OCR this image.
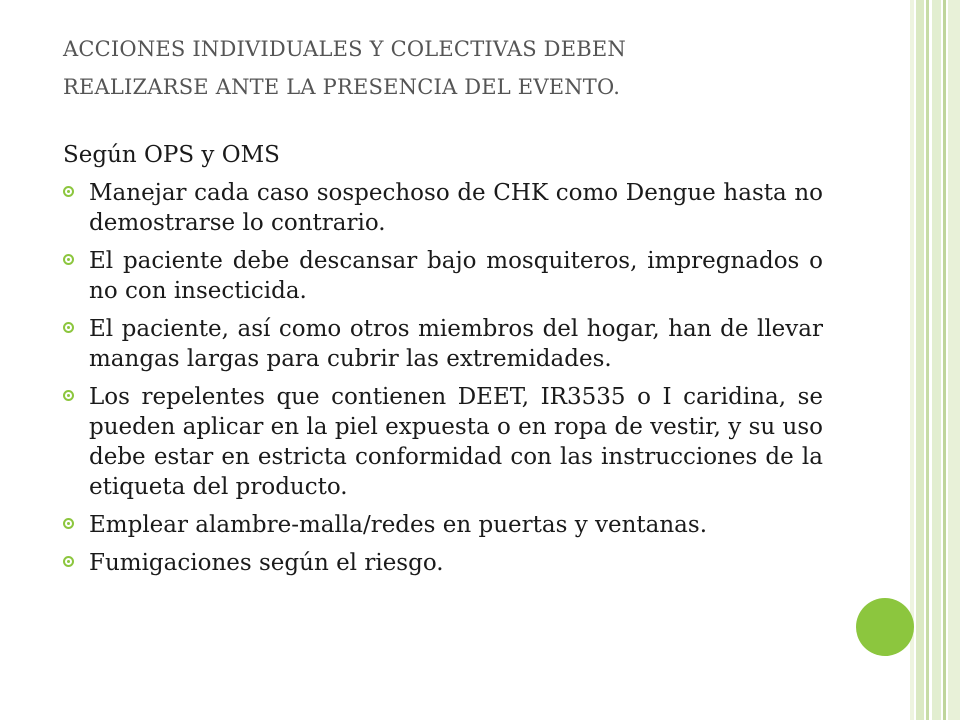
ACCIONES INDIVIDUALES Y COLECTIVAS DEBEN
REALIZARSE ANTE LA PRESENCIA DEL EVENTO.

Según OPS y OMS

Manejar cada caso sospechoso de CHK como Dengue hasta no demostrarse lo contrario.
El paciente debe descansar bajo mosquiteros, impregnados o no con insecticida.
El paciente, así como otros miembros del hogar, han de llevar mangas largas para cubrir las extremidades.
Los repelentes que contienen DEET, IR3535 o I caridina, se pueden aplicar en la piel expuesta o en ropa de vestir, y su uso debe estar en estricta conformidad con las instrucciones de la etiqueta del producto.
Emplear alambre-malla/redes en puertas y ventanas.
Fumigaciones según el riesgo.
